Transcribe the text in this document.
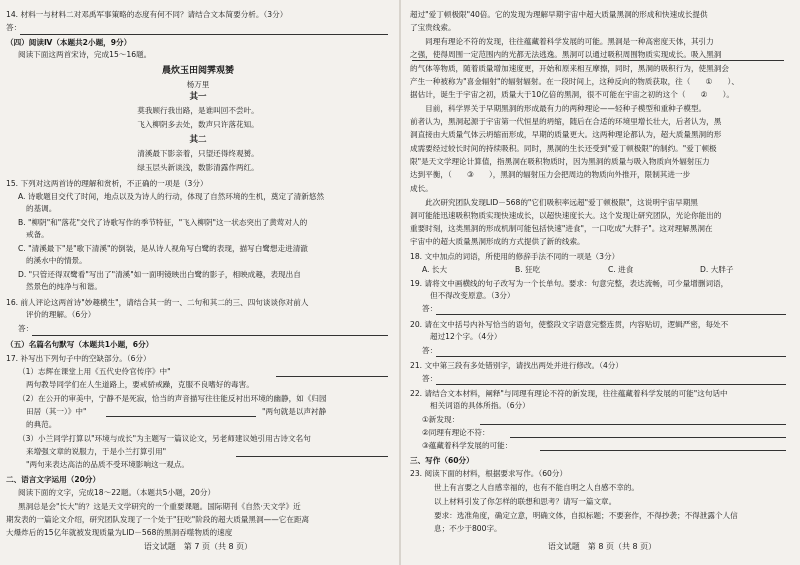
14. 材料一与材料二对邓禹军事策略的态度有何不同？请结合文本简要分析。（3分）
答：
（四）阅读Ⅳ（本题共2小题，9分）
阅读下面这两首宋诗，完成15～16题。
晨炊玉田阅霁观赟
杨万里
其一
莫我顾行我出路，是谁叫回不尝叶。
飞入柳阴多去处，数声只许落花知。
其二
清溪最下影亲着，只望还得终观赟。
绿玉层头新谈浅，数影清露作两红。
15. 下列对这两首诗的理解和赏析，不正确的一项是（3分）
A. 诗歌题目交代了时间，地点以及为诗人的行动，体现了自然环境的生机，奠定了清新悠然
的基调。
B. "柳阴"和"落花"交代了诗歌写作的季节特征，"飞入柳阴"这一状态突出了黄莺对人的
戒备。
C. "清溪最下"是"歌下清溪"的倒装，是从诗人视角写白鹭的表现，描写白鹭想走进清澈
的溪水中的情景。
D. "只管还得双鹭看"写出了"清溪"如一面明镜映出白鹭的影子，相映成趣，表现出自
然景色的纯净与和谐。
16. 前人评论这两首诗"妙趣横生"，请结合其一的一、二句和其二的三、四句谈谈你对前人
评价的理解。（6分）
答：
（五）名篇名句默写（本题共1小题，6分）
17. 补写出下列句子中的空缺部分。（6分）
（1）志辉在课堂上用《五代史伶官传序》中"
两句教导同学们在人生道路上，要戒骄戒躁，克服不良嗜好的毒害。
（2）在公开的审美中，宁静不是死寂，恰当的声音描写往往能反衬出环境的幽静，如《归园
田居（其一）》中"	"两句就是以声衬静
的典范。
（3）小兰同学打算以"环境与成长"为主题写一篇议论文，另老师建议她引用古诗文名句
来增强文章的说服力，于是小兰打算引用"
"两句来表达高洁的品质不受环境影响这一观点。
二、语言文字运用（20分）
阅读下面的文字，完成18～22题。（本题共5小题，20分）
黑洞总是会"长大"的？这是天文学研究的一个重要课题。国际期刊《自然·天文学》近
期发表的一篇论文介绍，研究团队发现了一个处于"狂吃"阶段的超大质量黑洞——它在距离
大爆炸后的15亿年就被发现质量为LID－568的黑洞吞噬物质的速度
语文试题　第 7 页（共 8 页）
超过"爱丁顿极限"40倍。它的发现为理解早期宇宙中超大质量黑洞的形成和快速成长提供
了宝贵线索。
　　同理有理论不符的发现，往往蕴藏着科学发展的可能。黑洞是一种高密度天体，其引力
之强，使得周围一定范围内的光都无法逃逸。黑洞可以通过吸积周围物质实现成长。吸入黑洞
的气体等物质，随着质量增加速度更，开始和原来相互摩擦，同时，黑洞的吸积行为，使黑洞会
产生一种被称为"喜金辐射"的辐射辐射。在一段时间上，这种反向的物质获取，往（　　①　　）、
据估计，诞生于宇宙之初，质量大于10亿倍的黑洞，很不可能在宇宙之初的这个（　　②　　）。
　　目前，科学界关于早期黑洞的形成最有力的两种理论——轻种子模型和重种子模型。
前者认为，黑洞起源于宇宙第一代恒星的坍缩，随后在合适的环境里增长壮大，后者认为，黑
洞直接由大质量气体云坍缩而形成，早期的质量更大。这两种理论都认为，超大质量黑洞的形
成需要经过较长时间的持续吸积。同时，黑洞的生长还受到"爱丁顿极限"的制约。"爱丁顿极
限"是天文学理论计算值，指黑洞在吸积物质时，因为黑洞的质量与吸入物质向外辐射压力
达到平衡，（　　③　　），黑洞的辐射压力会把周边的物质向外推开，限制其进一步
成长。
　　此次研究团队发现LID－568的"它们吸积率远超"爱丁顿极限"，这说明宇宙早期黑
洞可能能迅速吸积物质实现快速成长，以超快速度长大。这个发现让研究团队，光论你能出的
重要时刻，这类黑洞的形成机制可能包括快速"进食"，一口吃成"大胖子"。这对理解黑洞在
宇宙中的超大质量黑洞形成的方式提供了新的线索。
18. 文中加点的词语，所使用的修辞手法不同的一项是（3分）
A. 长大	B. 狂吃	C. 进食	D. 大胖子
19. 请将文中画横线的句子改写为一个长单句。要求：句意完整，表达流畅，可少量增删词语，
但不得改变原意。（3分）
答：
20. 请在文中括号内补写恰当的语句，使整段文字语意完整连贯，内容贴切，逻辑严密，每处不
超过12个字。（4分）
答：
21. 文中第三段有多处错别字，请找出两处并进行修改。（4分）
答：
22. 请结合文本材料，阐释"与同理有理论不符的新发现，往往蕴藏着科学发展的可能"这句话中
相关词语的具体所指。（6分）
①新发现：
②同理有理论不符：
③蕴藏着科学发展的可能：
三、写作（60分）
23. 阅读下面的材料，根据要求写作。（60分）
世上有言要之人自感幸福的，也有不能自明之人自感不幸的。
以上材料引发了你怎样的联想和思考？请写一篇文章。
要求：选准角度，确定立意，明确文体，自拟标题；不要套作，不得抄袭；不得泄露个人信
息；不少于800字。
语文试题　第 8 页（共 8 页）
